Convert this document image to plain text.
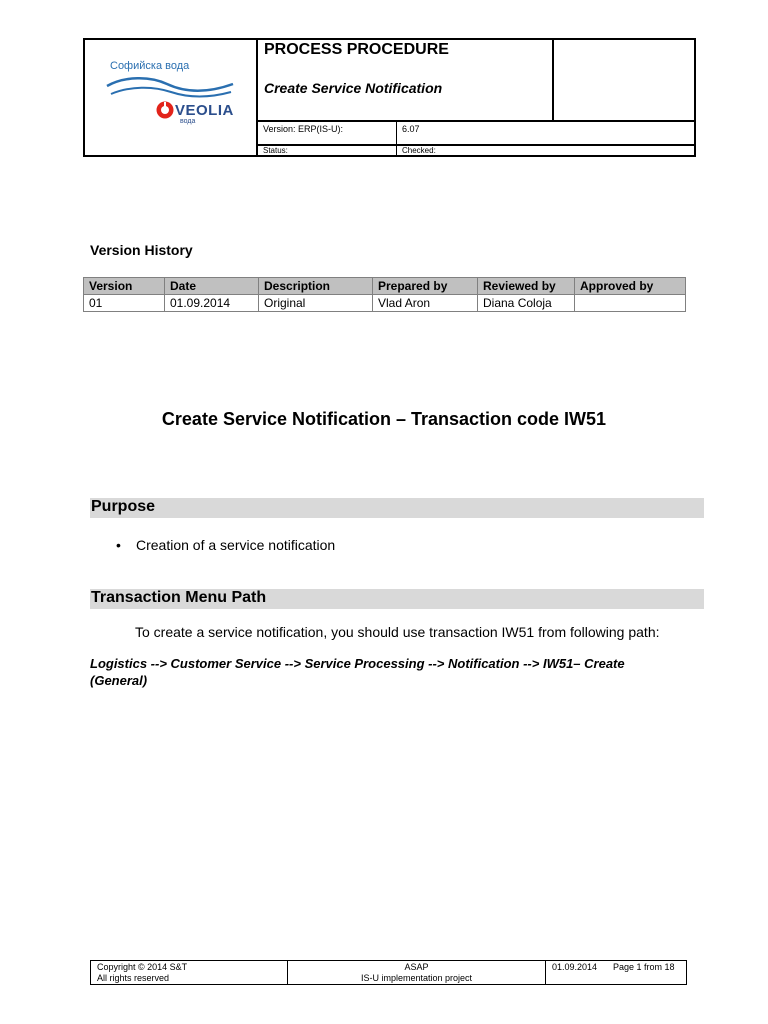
Софийска вода
VEOLIA
вода
PROCESS PROCEDURE
Create Service Notification
Version: ERP(IS-U):	6.07
Status:	Checked:
Version History
Version	Date	Description	Prepared by	Reviewed by	Approved by
01	01.09.2014	Original	Vlad Aron	Diana Coloja	
Create Service Notification – Transaction code IW51
Purpose
•	Creation of a service notification
Transaction Menu Path
To create a service notification, you should use transaction IW51 from following path:
Logistics --> Customer Service --> Service Processing --> Notification --> IW51– Create (General)
Copyright © 2014 S&T
All rights reserved
ASAP
IS-U implementation project
01.09.2014 Page 1 from 18
